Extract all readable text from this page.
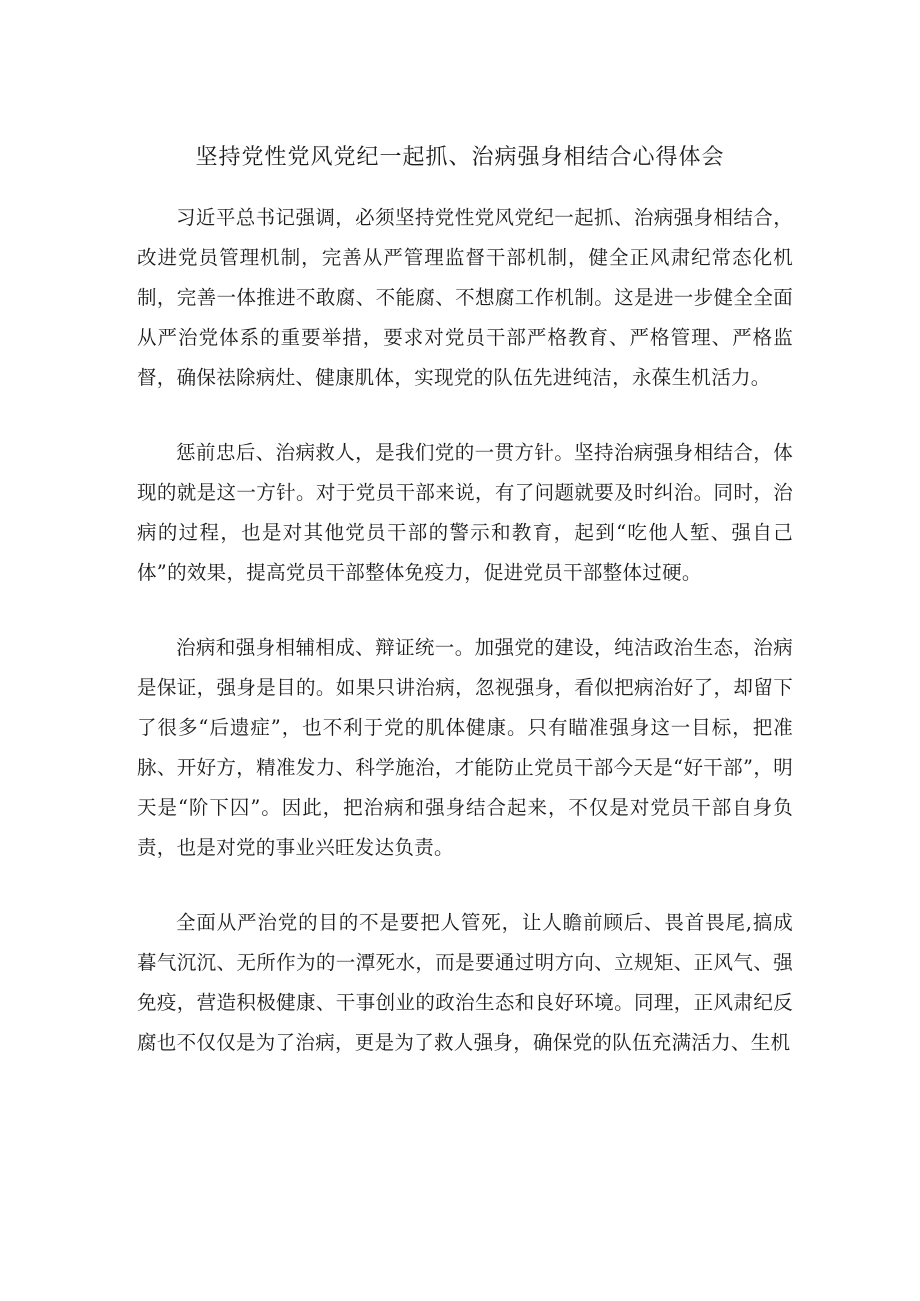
坚持党性党风党纪一起抓、治病强身相结合心得体会

习近平总书记强调，必须坚持党性党风党纪一起抓、治病强身相结合，改进党员管理机制，完善从严管理监督干部机制，健全正风肃纪常态化机制，完善一体推进不敢腐、不能腐、不想腐工作机制。这是进一步健全全面从严治党体系的重要举措，要求对党员干部严格教育、严格管理、严格监督，确保祛除病灶、健康肌体，实现党的队伍先进纯洁，永葆生机活力。

惩前忠后、治病救人，是我们党的一贯方针。坚持治病强身相结合，体现的就是这一方针。对于党员干部来说，有了问题就要及时纠治。同时，治病的过程，也是对其他党员干部的警示和教育，起到“吃他人堑、强自己体”的效果，提高党员干部整体免疫力，促进党员干部整体过硬。

治病和强身相辅相成、辩证统一。加强党的建设，纯洁政治生态，治病是保证，强身是目的。如果只讲治病，忽视强身，看似把病治好了，却留下了很多“后遗症”，也不利于党的肌体健康。只有瞄准强身这一目标，把准脉、开好方，精准发力、科学施治，才能防止党员干部今天是“好干部”，明天是“阶下囚”。因此，把治病和强身结合起来，不仅是对党员干部自身负责，也是对党的事业兴旺发达负责。

全面从严治党的目的不是要把人管死，让人瞻前顾后、畏首畏尾,搞成暮气沉沉、无所作为的一潭死水，而是要通过明方向、立规矩、正风气、强免疫，营造积极健康、干事创业的政治生态和良好环境。同理，正风肃纪反腐也不仅仅是为了治病，更是为了救人强身，确保党的队伍充满活力、生机
